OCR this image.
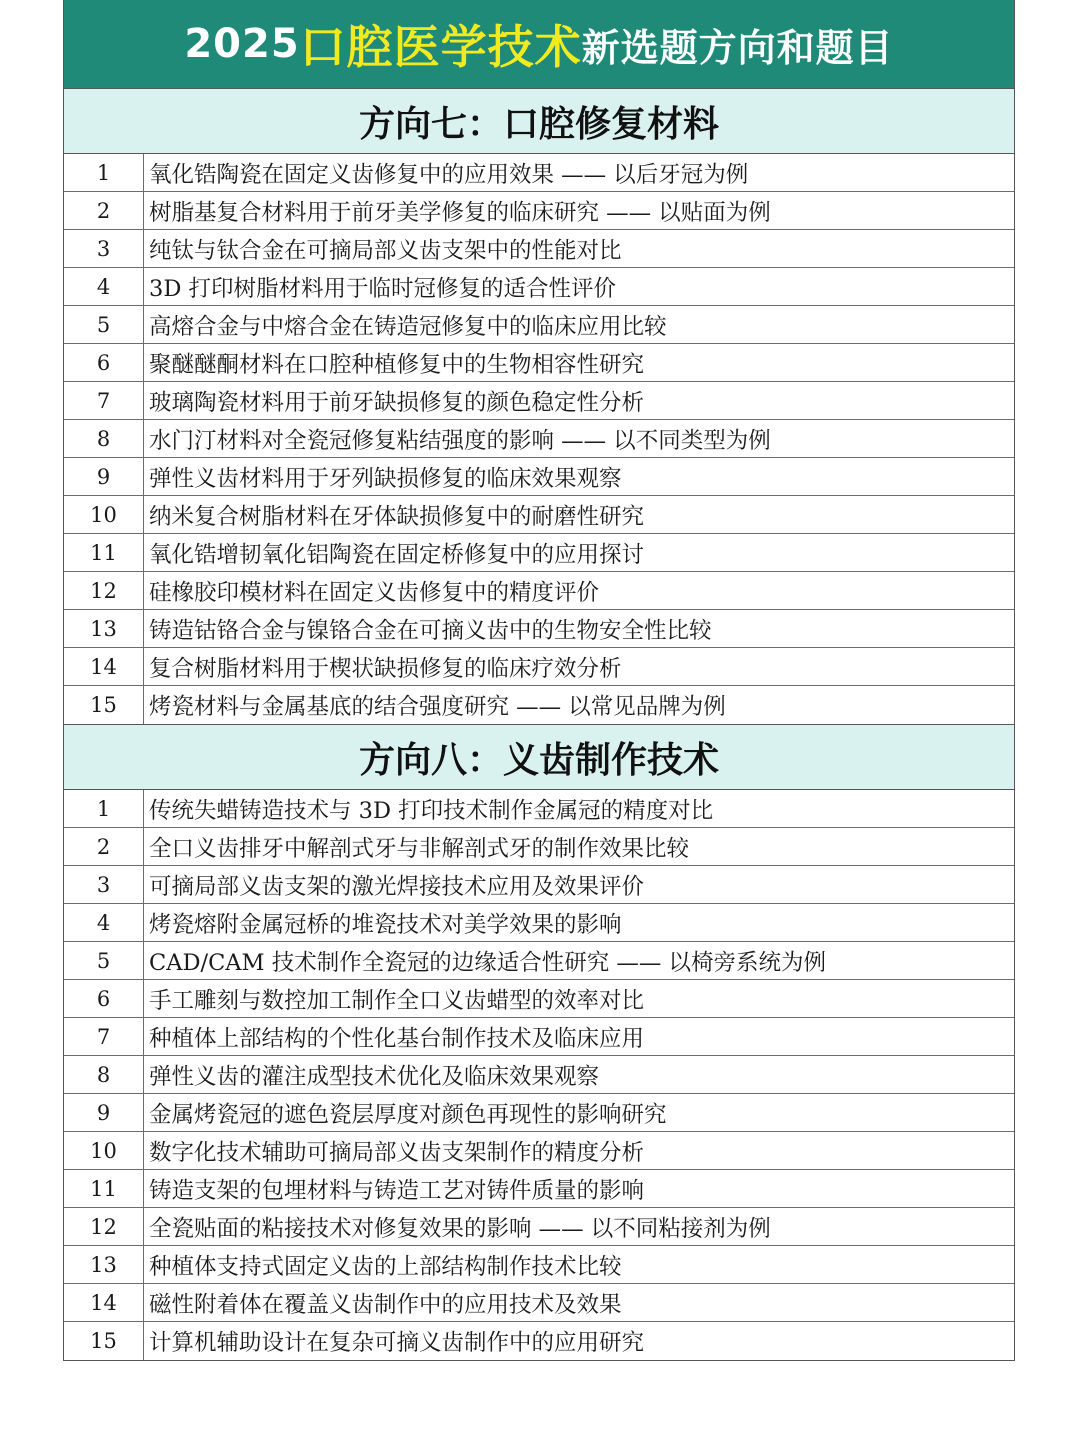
2025 口腔医学技术 新选题方向和题目
方向七：口腔修复材料
1	氧化锆陶瓷在固定义齿修复中的应用效果 —— 以后牙冠为例
2	树脂基复合材料用于前牙美学修复的临床研究 —— 以贴面为例
3	纯钛与钛合金在可摘局部义齿支架中的性能对比
4	3D 打印树脂材料用于临时冠修复的适合性评价
5	高熔合金与中熔合金在铸造冠修复中的临床应用比较
6	聚醚醚酮材料在口腔种植修复中的生物相容性研究
7	玻璃陶瓷材料用于前牙缺损修复的颜色稳定性分析
8	水门汀材料对全瓷冠修复粘结强度的影响 —— 以不同类型为例
9	弹性义齿材料用于牙列缺损修复的临床效果观察
10	纳米复合树脂材料在牙体缺损修复中的耐磨性研究
11	氧化锆增韧氧化铝陶瓷在固定桥修复中的应用探讨
12	硅橡胶印模材料在固定义齿修复中的精度评价
13	铸造钴铬合金与镍铬合金在可摘义齿中的生物安全性比较
14	复合树脂材料用于楔状缺损修复的临床疗效分析
15	烤瓷材料与金属基底的结合强度研究 —— 以常见品牌为例
方向八：义齿制作技术
1	传统失蜡铸造技术与 3D 打印技术制作金属冠的精度对比
2	全口义齿排牙中解剖式牙与非解剖式牙的制作效果比较
3	可摘局部义齿支架的激光焊接技术应用及效果评价
4	烤瓷熔附金属冠桥的堆瓷技术对美学效果的影响
5	CAD/CAM 技术制作全瓷冠的边缘适合性研究 —— 以椅旁系统为例
6	手工雕刻与数控加工制作全口义齿蜡型的效率对比
7	种植体上部结构的个性化基台制作技术及临床应用
8	弹性义齿的灌注成型技术优化及临床效果观察
9	金属烤瓷冠的遮色瓷层厚度对颜色再现性的影响研究
10	数字化技术辅助可摘局部义齿支架制作的精度分析
11	铸造支架的包埋材料与铸造工艺对铸件质量的影响
12	全瓷贴面的粘接技术对修复效果的影响 —— 以不同粘接剂为例
13	种植体支持式固定义齿的上部结构制作技术比较
14	磁性附着体在覆盖义齿制作中的应用技术及效果
15	计算机辅助设计在复杂可摘义齿制作中的应用研究
